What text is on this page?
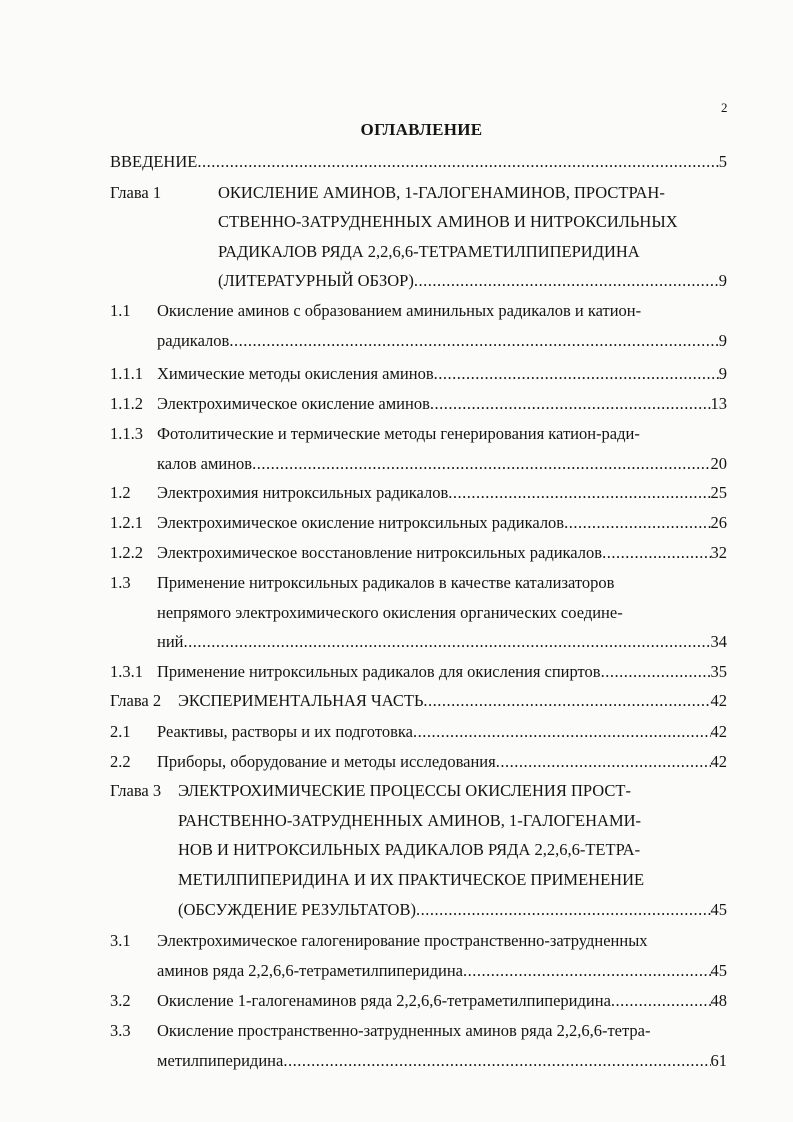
2
ОГЛАВЛЕНИЕ
ВВЕДЕНИЕ .....	5
Глава 1	ОКИСЛЕНИЕ АМИНОВ, 1-ГАЛОГЕНАМИНОВ, ПРОСТРАН-
СТВЕННО-ЗАТРУДНЕННЫХ АМИНОВ И НИТРОКСИЛЬНЫХ
РАДИКАЛОВ РЯДА 2,2,6,6-ТЕТРАМЕТИЛПИПЕРИДИНА
(ЛИТЕРАТУРНЫЙ ОБЗОР) .....	9
1.1 Окисление аминов с образованием аминильных радикалов и катион-
радикалов .....	9
1.1.1 Химические методы окисления аминов .....	9
1.1.2 Электрохимическое окисление аминов .....	13
1.1.3 Фотолитические и термические методы генерирования катион-ради-
калов аминов .....	20
1.2 Электрохимия нитроксильных радикалов .....	25
1.2.1 Электрохимическое окисление нитроксильных радикалов .....	26
1.2.2 Электрохимическое восстановление нитроксильных радикалов .....	32
1.3 Применение нитроксильных радикалов в качестве катализаторов
непрямого электрохимического окисления органических соедине-
ний .....	34
1.3.1 Применение нитроксильных радикалов для окисления спиртов .....	35
Глава 2 ЭКСПЕРИМЕНТАЛЬНАЯ ЧАСТЬ .....	42
2.1 Реактивы, растворы и их подготовка .....	42
2.2 Приборы, оборудование и методы исследования .....	42
Глава 3 ЭЛЕКТРОХИМИЧЕСКИЕ ПРОЦЕССЫ ОКИСЛЕНИЯ ПРОСТ-
РАНСТВЕННО-ЗАТРУДНЕННЫХ АМИНОВ, 1-ГАЛОГЕНАМИ-
НОВ И НИТРОКСИЛЬНЫХ РАДИКАЛОВ РЯДА 2,2,6,6-ТЕТРА-
МЕТИЛПИПЕРИДИНА И ИХ ПРАКТИЧЕСКОЕ ПРИМЕНЕНИЕ
(ОБСУЖДЕНИЕ РЕЗУЛЬТАТОВ) .....	45
3.1 Электрохимическое галогенирование пространственно-затрудненных
аминов ряда 2,2,6,6-тетраметилпиперидина .....	45
3.2 Окисление 1-галогенаминов ряда 2,2,6,6-тетраметилпиперидина .....	48
3.3 Окисление пространственно-затрудненных аминов ряда 2,2,6,6-тетра-
метилпиперидина .....	61
